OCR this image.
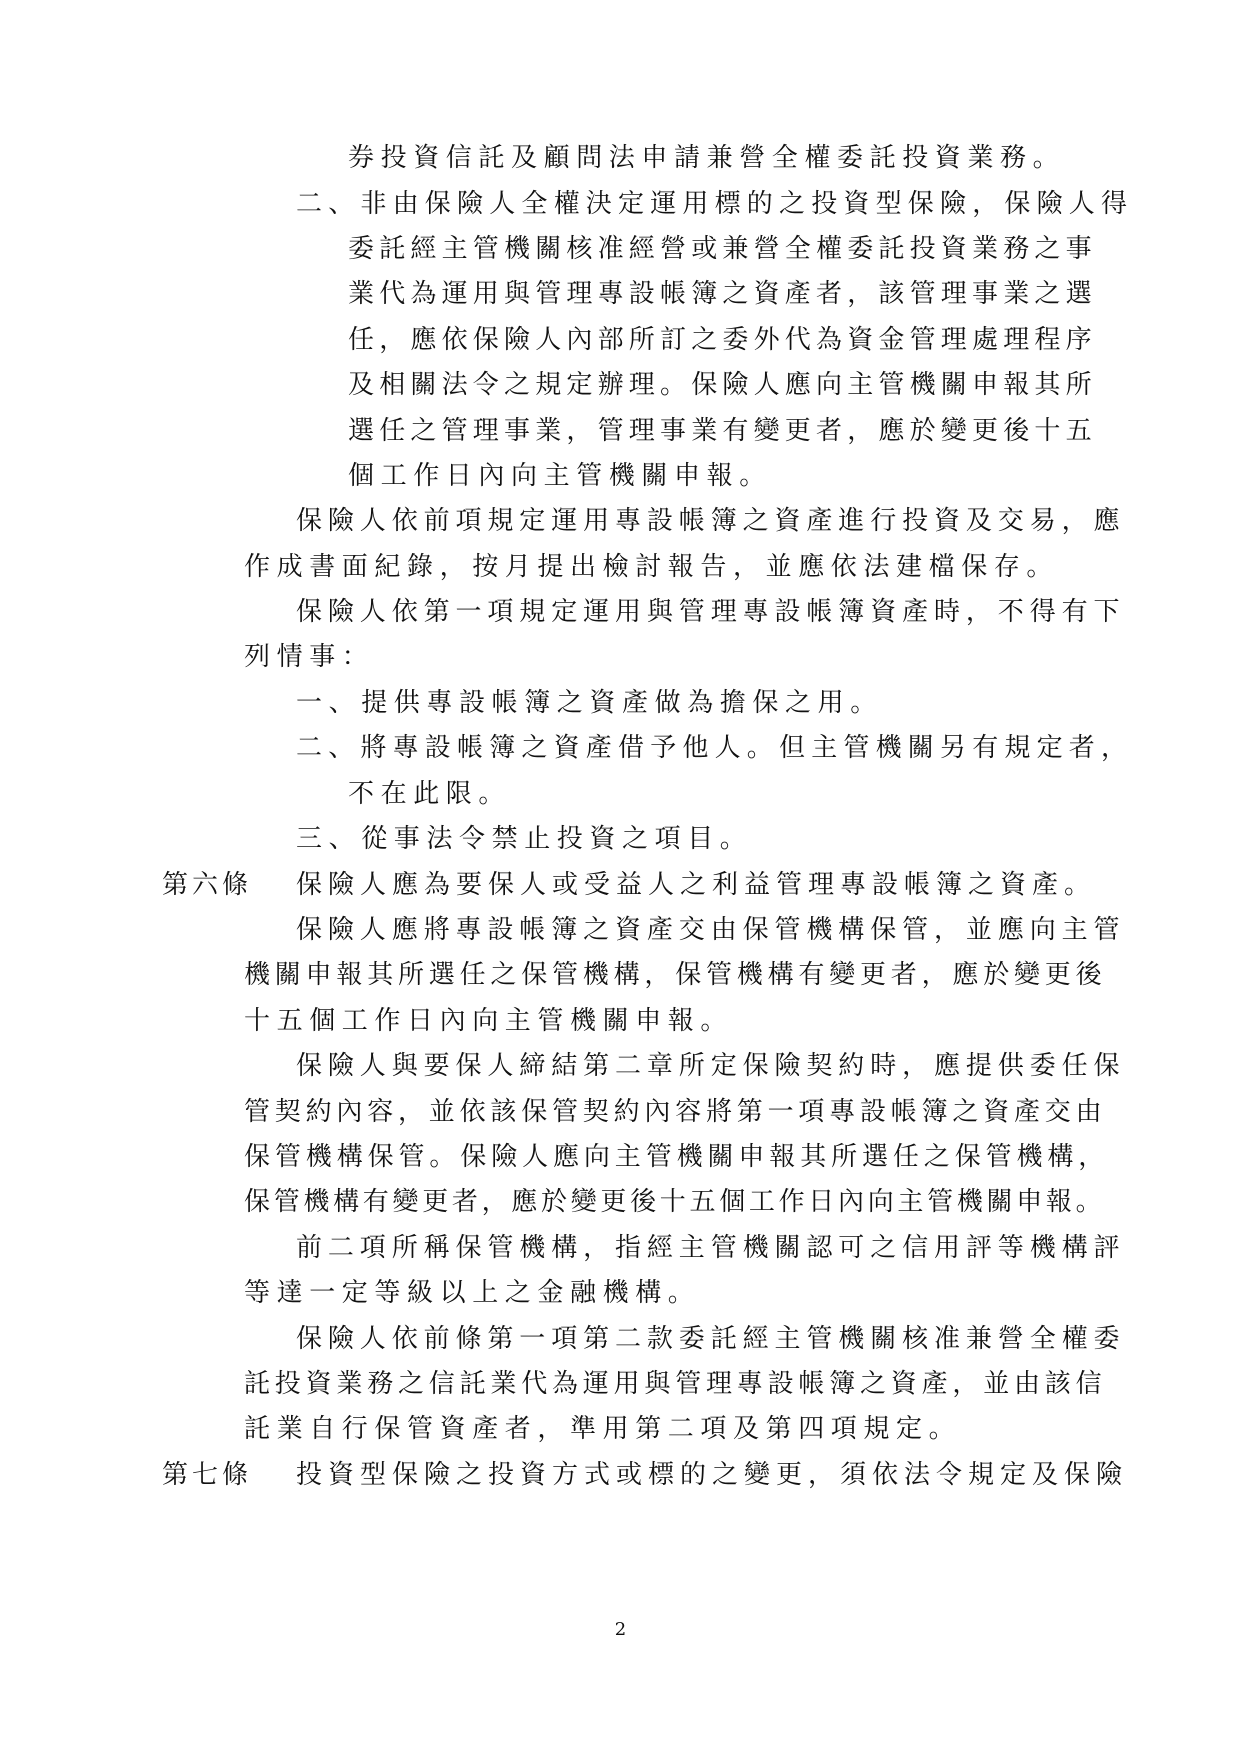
券投資信託及顧問法申請兼營全權委託投資業務。
二、非由保險人全權決定運用標的之投資型保險，保險人得
委託經主管機關核准經營或兼營全權委託投資業務之事
業代為運用與管理專設帳簿之資產者，該管理事業之選
任，應依保險人內部所訂之委外代為資金管理處理程序
及相關法令之規定辦理。保險人應向主管機關申報其所
選任之管理事業，管理事業有變更者，應於變更後十五
個工作日內向主管機關申報。
保險人依前項規定運用專設帳簿之資產進行投資及交易，應
作成書面紀錄，按月提出檢討報告，並應依法建檔保存。
保險人依第一項規定運用與管理專設帳簿資產時，不得有下
列情事：
一、提供專設帳簿之資產做為擔保之用。
二、將專設帳簿之資產借予他人。但主管機關另有規定者，
不在此限。
三、從事法令禁止投資之項目。
第六條 保險人應為要保人或受益人之利益管理專設帳簿之資產。
保險人應將專設帳簿之資產交由保管機構保管，並應向主管
機關申報其所選任之保管機構，保管機構有變更者，應於變更後
十五個工作日內向主管機關申報。
保險人與要保人締結第二章所定保險契約時，應提供委任保
管契約內容，並依該保管契約內容將第一項專設帳簿之資產交由
保管機構保管。保險人應向主管機關申報其所選任之保管機構，
保管機構有變更者，應於變更後十五個工作日內向主管機關申報。
前二項所稱保管機構，指經主管機關認可之信用評等機構評
等達一定等級以上之金融機構。
保險人依前條第一項第二款委託經主管機關核准兼營全權委
託投資業務之信託業代為運用與管理專設帳簿之資產，並由該信
託業自行保管資產者，準用第二項及第四項規定。
第七條 投資型保險之投資方式或標的之變更，須依法令規定及保險
2
